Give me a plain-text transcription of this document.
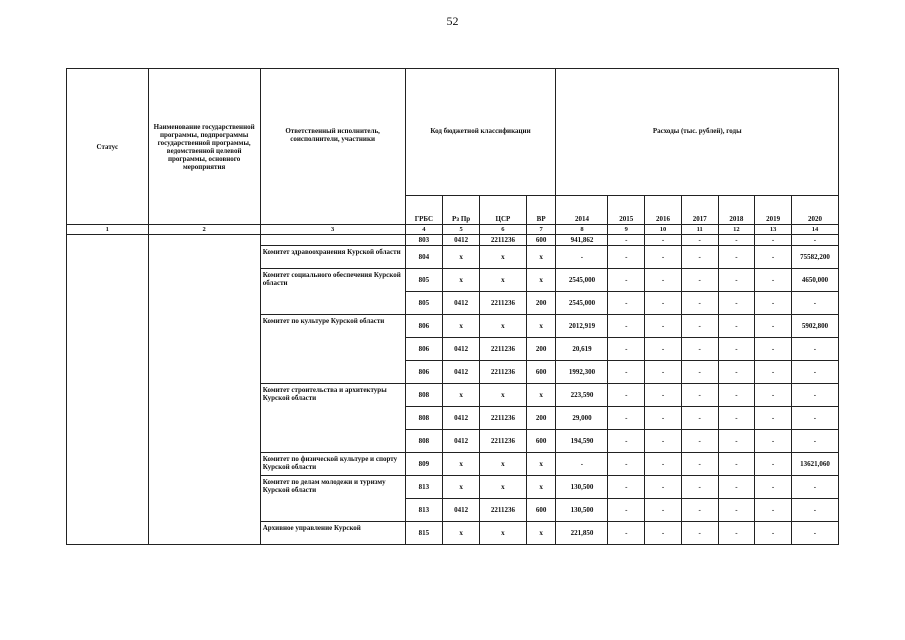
52
Статус	Наименование государственной программы, подпрограммы государственной программы, ведомственной целевой программы, основного мероприятия	Ответственный исполнитель, соисполнители, участники	Код бюджетной классификации				Расходы (тыс. рублей), годы						
			ГРБС	Рз Пр	ЦСР	ВР	2014	2015	2016	2017	2018	2019	2020
1	2	3	4	5	6	7	8	9	10	11	12	13	14
			803	0412	2211236	600	941,862	-	-	-	-	-	-
		Комитет здравоохранения Курской области	804	х	х	х	-	-	-	-	-	-	75582,200
		Комитет социального обеспечения Курской области	805	х	х	х	2545,000	-	-	-	-	-	4650,000
			805	0412	2211236	200	2545,000	-	-	-	-	-	-
		Комитет по культуре Курской области	806	х	х	х	2012,919	-	-	-	-	-	5902,800
			806	0412	2211236	200	20,619	-	-	-	-	-	-
			806	0412	2211236	600	1992,300	-	-	-	-	-	-
		Комитет строительства и архитектуры Курской области	808	х	х	х	223,590	-	-	-	-	-	-
			808	0412	2211236	200	29,000	-	-	-	-	-	-
			808	0412	2211236	600	194,590	-	-	-	-	-	-
		Комитет по физической культуре и спорту Курской области	809	х	х	х	-	-	-	-	-	-	13621,060
		Комитет по делам молодежи и туризму Курской области	813	х	х	х	130,500	-	-	-	-	-	-
			813	0412	2211236	600	130,500	-	-	-	-	-	-
		Архивное управление Курской	815	х	х	х	221,850	-	-	-	-	-	-
